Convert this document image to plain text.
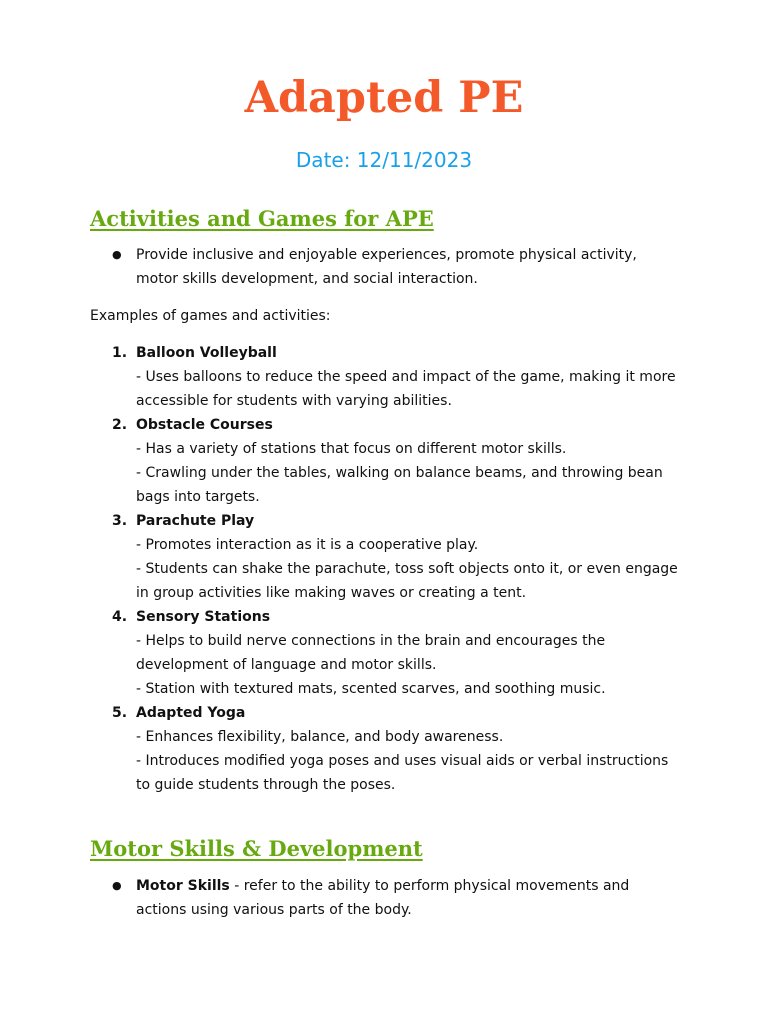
Adapted PE

Date: 12/11/2023

Activities and Games for APE
● Provide inclusive and enjoyable experiences, promote physical activity, motor skills development, and social interaction.

Examples of games and activities:

1. Balloon Volleyball
- Uses balloons to reduce the speed and impact of the game, making it more accessible for students with varying abilities.
2. Obstacle Courses
- Has a variety of stations that focus on different motor skills.
- Crawling under the tables, walking on balance beams, and throwing bean bags into targets.
3. Parachute Play
- Promotes interaction as it is a cooperative play.
- Students can shake the parachute, toss soft objects onto it, or even engage in group activities like making waves or creating a tent.
4. Sensory Stations
- Helps to build nerve connections in the brain and encourages the development of language and motor skills.
- Station with textured mats, scented scarves, and soothing music.
5. Adapted Yoga
- Enhances flexibility, balance, and body awareness.
- Introduces modified yoga poses and uses visual aids or verbal instructions to guide students through the poses.
Motor Skills & Development
● Motor Skills - refer to the ability to perform physical movements and actions using various parts of the body.
